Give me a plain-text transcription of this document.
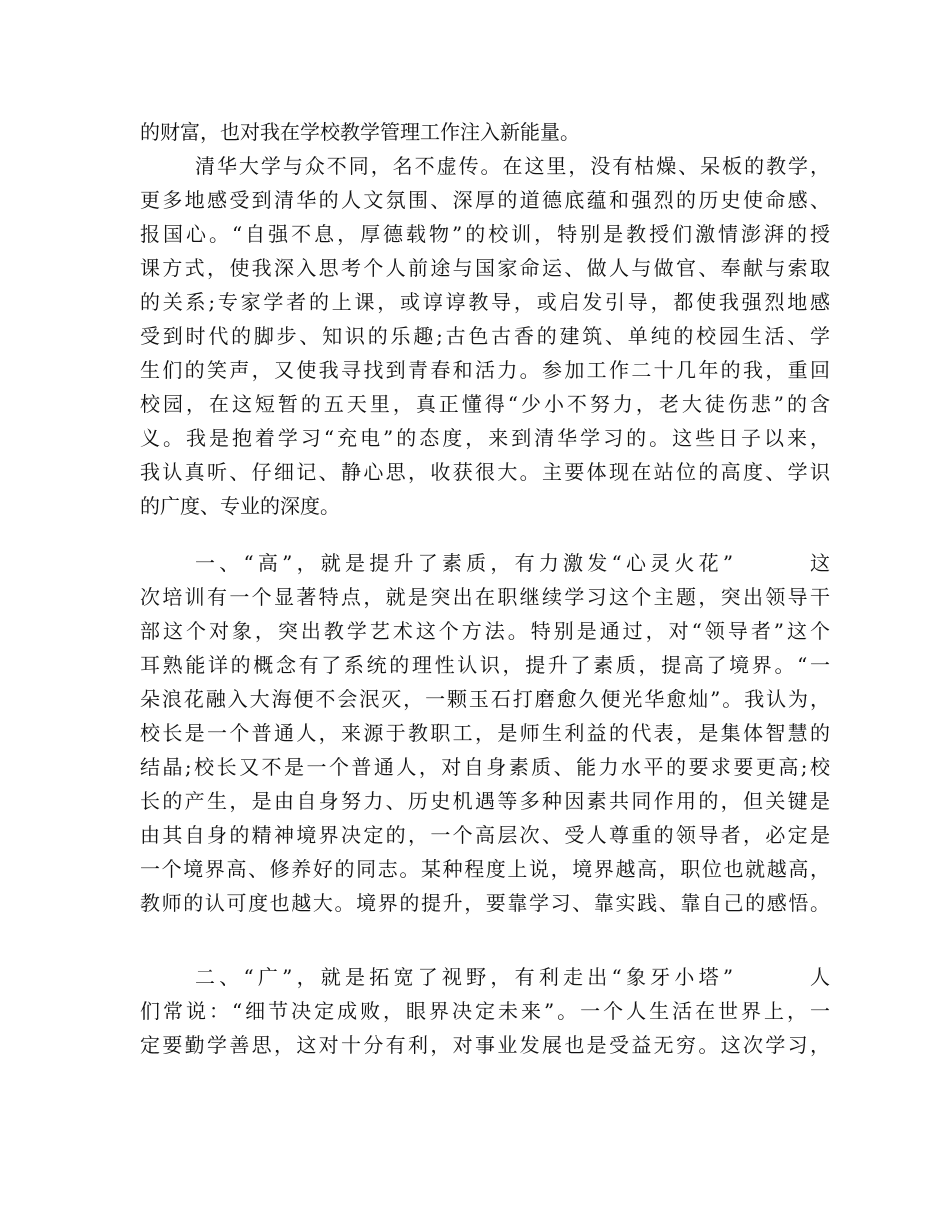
的财富，也对我在学校教学管理工作注入新能量。
清华大学与众不同，名不虚传。在这里，没有枯燥、呆板的教学，
更多地感受到清华的人文氛围、深厚的道德底蕴和强烈的历史使命感、
报国心。“自强不息，厚德载物”的校训，特别是教授们激情澎湃的授
课方式，使我深入思考个人前途与国家命运、做人与做官、奉献与索取
的关系;专家学者的上课，或谆谆教导，或启发引导，都使我强烈地感
受到时代的脚步、知识的乐趣;古色古香的建筑、单纯的校园生活、学
生们的笑声，又使我寻找到青春和活力。参加工作二十几年的我，重回
校园，在这短暂的五天里，真正懂得“少小不努力，老大徒伤悲”的含
义。我是抱着学习“充电”的态度，来到清华学习的。这些日子以来，
我认真听、仔细记、静心思，收获很大。主要体现在站位的高度、学识
的广度、专业的深度。
一、“高”，就是提升了素质，有力激发“心灵火花”　　　这
次培训有一个显著特点，就是突出在职继续学习这个主题，突出领导干
部这个对象，突出教学艺术这个方法。特别是通过，对“领导者”这个
耳熟能详的概念有了系统的理性认识，提升了素质，提高了境界。“一
朵浪花融入大海便不会泯灭，一颗玉石打磨愈久便光华愈灿”。我认为，
校长是一个普通人，来源于教职工，是师生利益的代表，是集体智慧的
结晶;校长又不是一个普通人，对自身素质、能力水平的要求要更高;校
长的产生，是由自身努力、历史机遇等多种因素共同作用的，但关键是
由其自身的精神境界决定的，一个高层次、受人尊重的领导者，必定是
一个境界高、修养好的同志。某种程度上说，境界越高，职位也就越高，
教师的认可度也越大。境界的提升，要靠学习、靠实践、靠自己的感悟。
二、“广”，就是拓宽了视野，有利走出“象牙小塔”　　　人
们常说：“细节决定成败，眼界决定未来”。一个人生活在世界上，一
定要勤学善思，这对十分有利，对事业发展也是受益无穷。这次学习，
